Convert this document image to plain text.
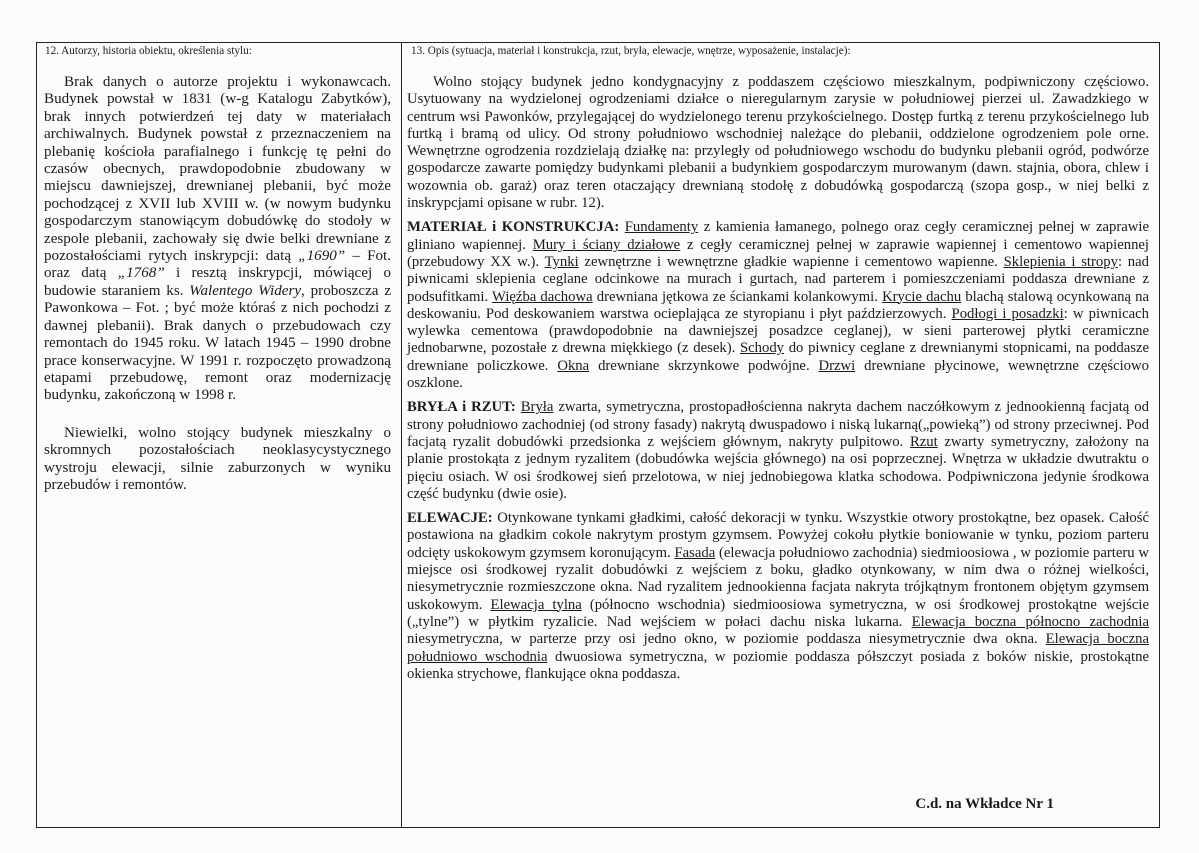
12. Autorzy, historia obiektu, określenia stylu:

Brak danych o autorze projektu i wykonawcach. Budynek powstał w 1831 (w-g Katalogu Zabytków), brak innych potwierdzeń tej daty w materiałach archiwalnych. Budynek powstał z przeznaczeniem na plebanię kościoła parafialnego i funkcję tę pełni do czasów obecnych, prawdopodobnie zbudowany w miejscu dawniejszej, drewnianej plebanii, być może pochodzącej z XVII lub XVIII w. (w nowym budynku gospodarczym stanowiącym dobudówkę do stodoły w zespole plebanii, zachowały się dwie belki drewniane z pozostałościami rytych inskrypcji: datą „1690” – Fot. oraz datą „1768” i resztą inskrypcji, mówiącej o budowie staraniem ks. Walentego Widery, proboszcza z Pawonkowa – Fot. ; być może któraś z nich pochodzi z dawnej plebanii). Brak danych o przebudowach czy remontach do 1945 roku. W latach 1945 – 1990 drobne prace konserwacyjne. W 1991 r. rozpoczęto prowadzoną etapami przebudowę, remont oraz modernizację budynku, zakończoną w 1998 r.

Niewielki, wolno stojący budynek mieszkalny o skromnych pozostałościach neoklasycystycznego wystroju elewacji, silnie zaburzonych w wyniku przebudów i remontów.

13. Opis (sytuacja, materiał i konstrukcja, rzut, bryła, elewacje, wnętrze, wyposażenie, instalacje):

Wolno stojący budynek jedno kondygnacyjny z poddaszem częściowo mieszkalnym, podpiwniczony częściowo. Usytuowany na wydzielonej ogrodzeniami działce o nieregularnym zarysie w południowej pierzei ul. Zawadzkiego w centrum wsi Pawonków, przylegającej do wydzielonego terenu przykościelnego. Dostęp furtką z terenu przykościelnego lub furtką i bramą od ulicy. Od strony południowo wschodniej należące do plebanii, oddzielone ogrodzeniem pole orne. Wewnętrzne ogrodzenia rozdzielają działkę na: przyległy od południowego wschodu do budynku plebanii ogród, podwórze gospodarcze zawarte pomiędzy budynkami plebanii a budynkiem gospodarczym murowanym (dawn. stajnia, obora, chlew i wozownia ob. garaż) oraz teren otaczający drewnianą stodołę z dobudówką gospodarczą (szopa gosp., w niej belki z inskrypcjami opisane w rubr. 12).

MATERIAŁ i KONSTRUKCJA: Fundamenty z kamienia łamanego, polnego oraz cegły ceramicznej pełnej w zaprawie gliniano wapiennej. Mury i ściany działowe z cegły ceramicznej pełnej w zaprawie wapiennej i cementowo wapiennej (przebudowy XX w.). Tynki zewnętrzne i wewnętrzne gładkie wapienne i cementowo wapienne. Sklepienia i stropy: nad piwnicami sklepienia ceglane odcinkowe na murach i gurtach, nad parterem i pomieszczeniami poddasza drewniane z podsufitkami. Więźba dachowa drewniana jętkowa ze ściankami kolankowymi. Krycie dachu blachą stalową ocynkowaną na deskowaniu. Pod deskowaniem warstwa ocieplająca ze styropianu i płyt paździerzowych. Podłogi i posadzki: w piwnicach wylewka cementowa (prawdopodobnie na dawniejszej posadzce ceglanej), w sieni parterowej płytki ceramiczne jednobarwne, pozostałe z drewna miękkiego (z desek). Schody do piwnicy ceglane z drewnianymi stopnicami, na poddasze drewniane policzkowe. Okna drewniane skrzynkowe podwójne. Drzwi drewniane płycinowe, wewnętrzne częściowo oszklone.

BRYŁA i RZUT: Bryła zwarta, symetryczna, prostopadłościenna nakryta dachem naczółkowym z jednookienną facjatą od strony południowo zachodniej (od strony fasady) nakrytą dwuspadowo i niską lukarną(„powieką”) od strony przeciwnej. Pod facjatą ryzalit dobudówki przedsionka z wejściem głównym, nakryty pulpitowo. Rzut zwarty symetryczny, założony na planie prostokąta z jednym ryzalitem (dobudówka wejścia głównego) na osi poprzecznej. Wnętrza w układzie dwutraktu o pięciu osiach. W osi środkowej sień przelotowa, w niej jednobiegowa klatka schodowa. Podpiwniczona jedynie środkowa część budynku (dwie osie).

ELEWACJE: Otynkowane tynkami gładkimi, całość dekoracji w tynku. Wszystkie otwory prostokątne, bez opasek. Całość postawiona na gładkim cokole nakrytym prostym gzymsem. Powyżej cokołu płytkie boniowanie w tynku, poziom parteru odcięty uskokowym gzymsem koronującym. Fasada (elewacja południowo zachodnia) siedmioosiowa , w poziomie parteru w miejsce osi środkowej ryzalit dobudówki z wejściem z boku, gładko otynkowany, w nim dwa o różnej wielkości, niesymetrycznie rozmieszczone okna. Nad ryzalitem jednookienna facjata nakryta trójkątnym frontonem objętym gzymsem uskokowym. Elewacja tylna (północno wschodnia) siedmioosiowa symetryczna, w osi środkowej prostokątne wejście („tylne”) w płytkim ryzalicie. Nad wejściem w połaci dachu niska lukarna. Elewacja boczna północno zachodnia niesymetryczna, w parterze przy osi jedno okno, w poziomie poddasza niesymetrycznie dwa okna. Elewacja boczna południowo wschodnia dwuosiowa symetryczna, w poziomie poddasza półszczyt posiada z boków niskie, prostokątne okienka strychowe, flankujące okna poddasza.

C.d. na Wkładce Nr 1
